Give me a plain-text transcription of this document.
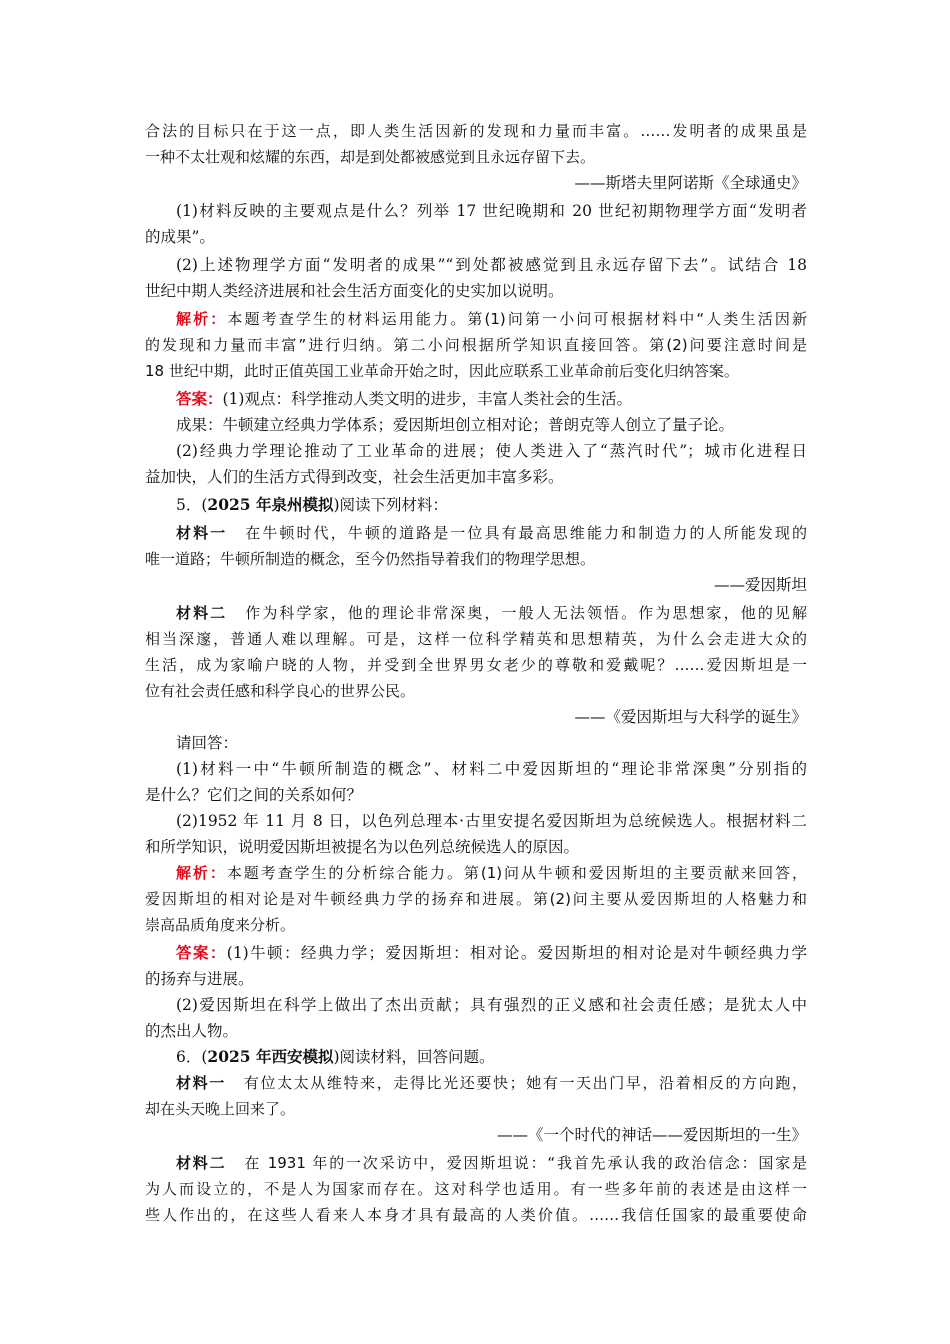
合法的目标只在于这一点，即人类生活因新的发现和力量而丰富。……发明者的成果虽是
一种不太壮观和炫耀的东西，却是到处都被感觉到且永远存留下去。
——斯塔夫里阿诺斯《全球通史》
(1)材料反映的主要观点是什么？列举 17 世纪晚期和 20 世纪初期物理学方面“发明者
的成果”。
(2)上述物理学方面“发明者的成果”“到处都被感觉到且永远存留下去”。试结合 18
世纪中期人类经济进展和社会生活方面变化的史实加以说明。
解析：本题考查学生的材料运用能力。第(1)问第一小问可根据材料中“人类生活因新
的发现和力量而丰富”进行归纳。第二小问根据所学知识直接回答。第(2)问要注意时间是
18 世纪中期，此时正值英国工业革命开始之时，因此应联系工业革命前后变化归纳答案。
答案：(1)观点：科学推动人类文明的进步，丰富人类社会的生活。
成果：牛顿建立经典力学体系；爱因斯坦创立相对论；普朗克等人创立了量子论。
(2)经典力学理论推动了工业革命的进展；使人类进入了“蒸汽时代”；城市化进程日
益加快，人们的生活方式得到改变，社会生活更加丰富多彩。
5．(2025 年泉州模拟)阅读下列材料：
材料一 在牛顿时代，牛顿的道路是一位具有最高思维能力和制造力的人所能发现的
唯一道路；牛顿所制造的概念，至今仍然指导着我们的物理学思想。
——爱因斯坦
材料二 作为科学家，他的理论非常深奥，一般人无法领悟。作为思想家，他的见解
相当深邃，普通人难以理解。可是，这样一位科学精英和思想精英，为什么会走进大众的
生活，成为家喻户晓的人物，并受到全世界男女老少的尊敬和爱戴呢？……爱因斯坦是一
位有社会责任感和科学良心的世界公民。
——《爱因斯坦与大科学的诞生》
请回答：
(1)材料一中“牛顿所制造的概念”、材料二中爱因斯坦的“理论非常深奥”分别指的
是什么？它们之间的关系如何？
(2)1952 年 11 月 8 日，以色列总理本·古里安提名爱因斯坦为总统候选人。根据材料二
和所学知识，说明爱因斯坦被提名为以色列总统候选人的原因。
解析：本题考查学生的分析综合能力。第(1)问从牛顿和爱因斯坦的主要贡献来回答，
爱因斯坦的相对论是对牛顿经典力学的扬弃和进展。第(2)问主要从爱因斯坦的人格魅力和
崇高品质角度来分析。
答案：(1)牛顿：经典力学；爱因斯坦：相对论。爱因斯坦的相对论是对牛顿经典力学
的扬弃与进展。
(2)爱因斯坦在科学上做出了杰出贡献；具有强烈的正义感和社会责任感；是犹太人中
的杰出人物。
6．(2025 年西安模拟)阅读材料，回答问题。
材料一 有位太太从维特来，走得比光还要快；她有一天出门早，沿着相反的方向跑，
却在头天晚上回来了。
——《一个时代的神话——爱因斯坦的一生》
材料二 在 1931 年的一次采访中，爱因斯坦说：“我首先承认我的政治信念：国家是
为人而设立的，不是人为国家而存在。这对科学也适用。有一些多年前的表述是由这样一
些人作出的，在这些人看来人本身才具有最高的人类价值。……我信任国家的最重要使命
